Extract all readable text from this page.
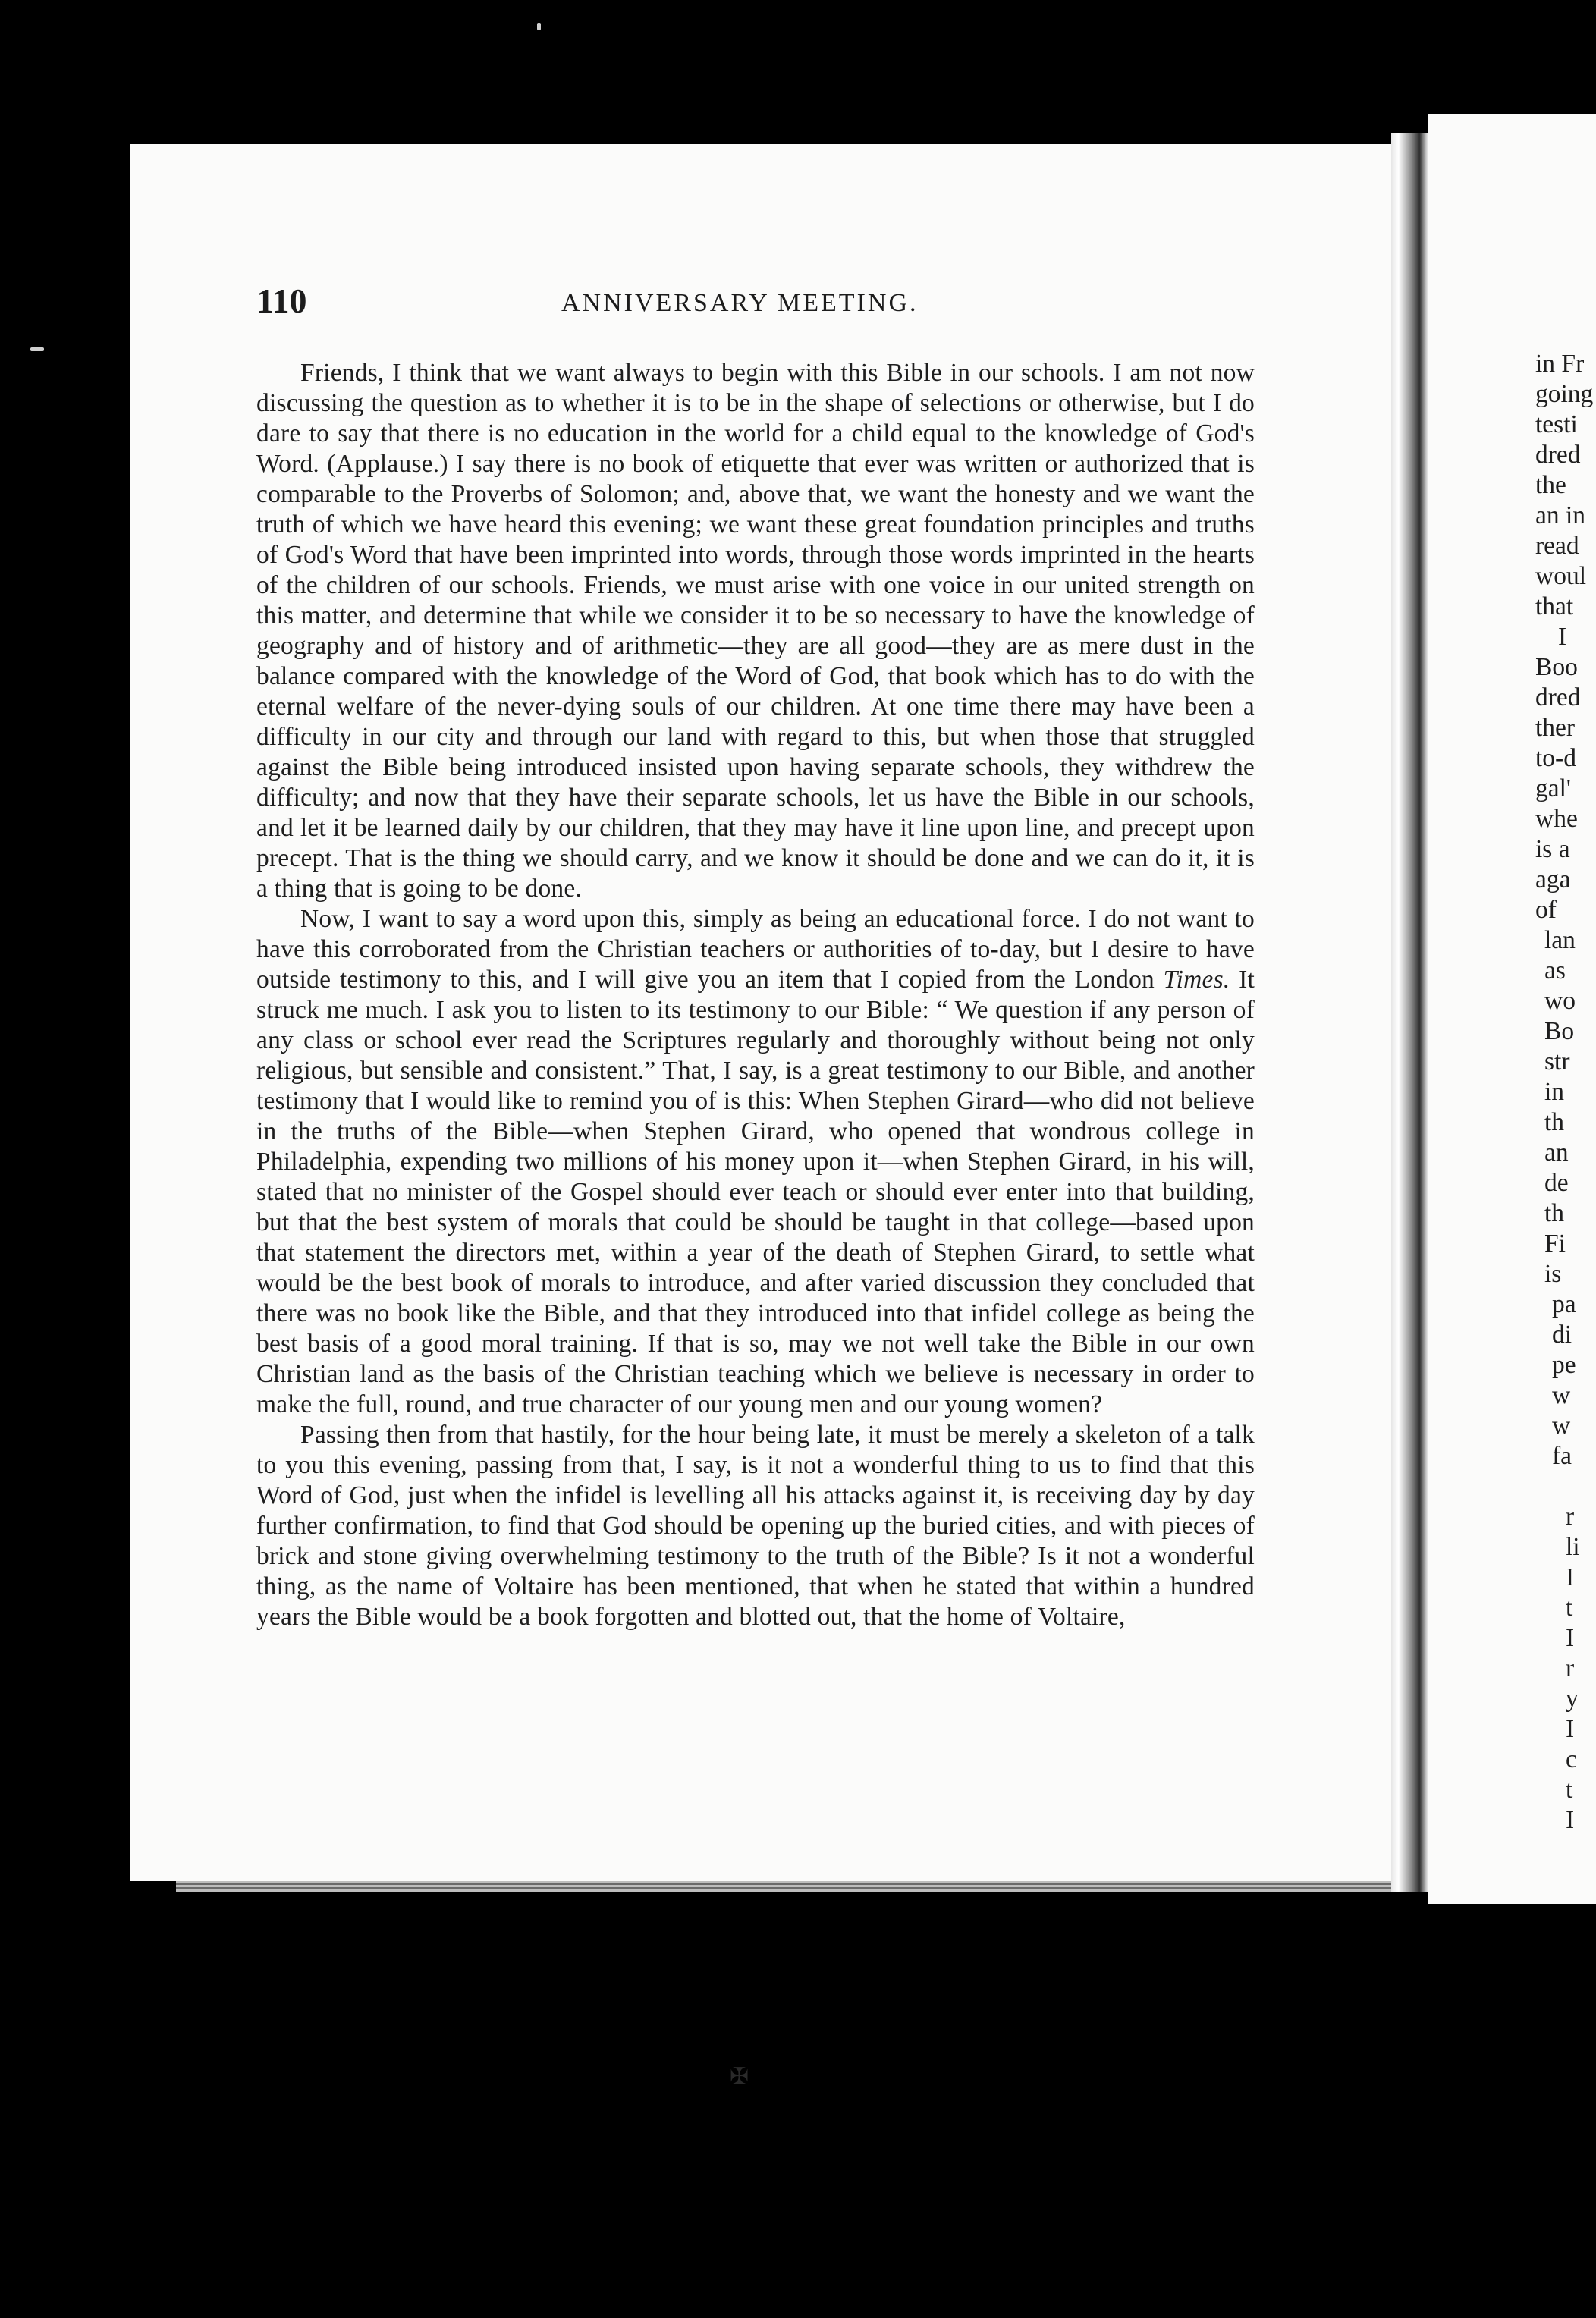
in Fr
going
testi
dred
the
an in
read
woul
that
I
Boo
dred
ther
to-d
gal'
whe
is a
aga
of
lan
as
wo
Bo
str
in
th
an
de
th
Fi
is
pa
di
pe
w
w
fa
r
li
I
t
I
r
y
I
c
t
I
110	ANNIVERSARY MEETING.

Friends, I think that we want always to begin with this Bible in our schools. I am not now discussing the question as to whether it is to be in the shape of selections or otherwise, but I do dare to say that there is no education in the world for a child equal to the knowledge of God's Word. (Applause.) I say there is no book of etiquette that ever was written or authorized that is comparable to the Proverbs of Solomon; and, above that, we want the honesty and we want the truth of which we have heard this evening; we want these great foundation principles and truths of God's Word that have been imprinted into words, through those words imprinted in the hearts of the children of our schools. Friends, we must arise with one voice in our united strength on this matter, and determine that while we consider it to be so necessary to have the knowledge of geography and of history and of arithmetic—they are all good—they are as mere dust in the balance compared with the knowledge of the Word of God, that book which has to do with the eternal welfare of the never-dying souls of our children. At one time there may have been a difficulty in our city and through our land with regard to this, but when those that struggled against the Bible being introduced insisted upon having separate schools, they withdrew the difficulty; and now that they have their separate schools, let us have the Bible in our schools, and let it be learned daily by our children, that they may have it line upon line, and precept upon precept. That is the thing we should carry, and we know it should be done and we can do it, it is a thing that is going to be done.

Now, I want to say a word upon this, simply as being an educational force. I do not want to have this corroborated from the Christian teachers or authorities of to-day, but I desire to have outside testimony to this, and I will give you an item that I copied from the London Times. It struck me much. I ask you to listen to its testimony to our Bible: “ We question if any person of any class or school ever read the Scriptures regularly and thoroughly without being not only religious, but sensible and consistent.” That, I say, is a great testimony to our Bible, and another testimony that I would like to remind you of is this: When Stephen Girard—who did not believe in the truths of the Bible—when Stephen Girard, who opened that wondrous college in Philadelphia, expending two millions of his money upon it—when Stephen Girard, in his will, stated that no minister of the Gospel should ever teach or should ever enter into that building, but that the best system of morals that could be should be taught in that college—based upon that statement the directors met, within a year of the death of Stephen Girard, to settle what would be the best book of morals to introduce, and after varied discussion they concluded that there was no book like the Bible, and that they introduced into that infidel college as being the best basis of a good moral training. If that is so, may we not well take the Bible in our own Christian land as the basis of the Christian teaching which we believe is necessary in order to make the full, round, and true character of our young men and our young women?

Passing then from that hastily, for the hour being late, it must be merely a skeleton of a talk to you this evening, passing from that, I say, is it not a wonderful thing to us to find that this Word of God, just when the infidel is levelling all his attacks against it, is receiving day by day further confirmation, to find that God should be opening up the buried cities, and with pieces of brick and stone giving overwhelming testimony to the truth of the Bible? Is it not a wonderful thing, as the name of Voltaire has been mentioned, that when he stated that within a hundred years the Bible would be a book forgotten and blotted out, that the home of Voltaire,

✠
